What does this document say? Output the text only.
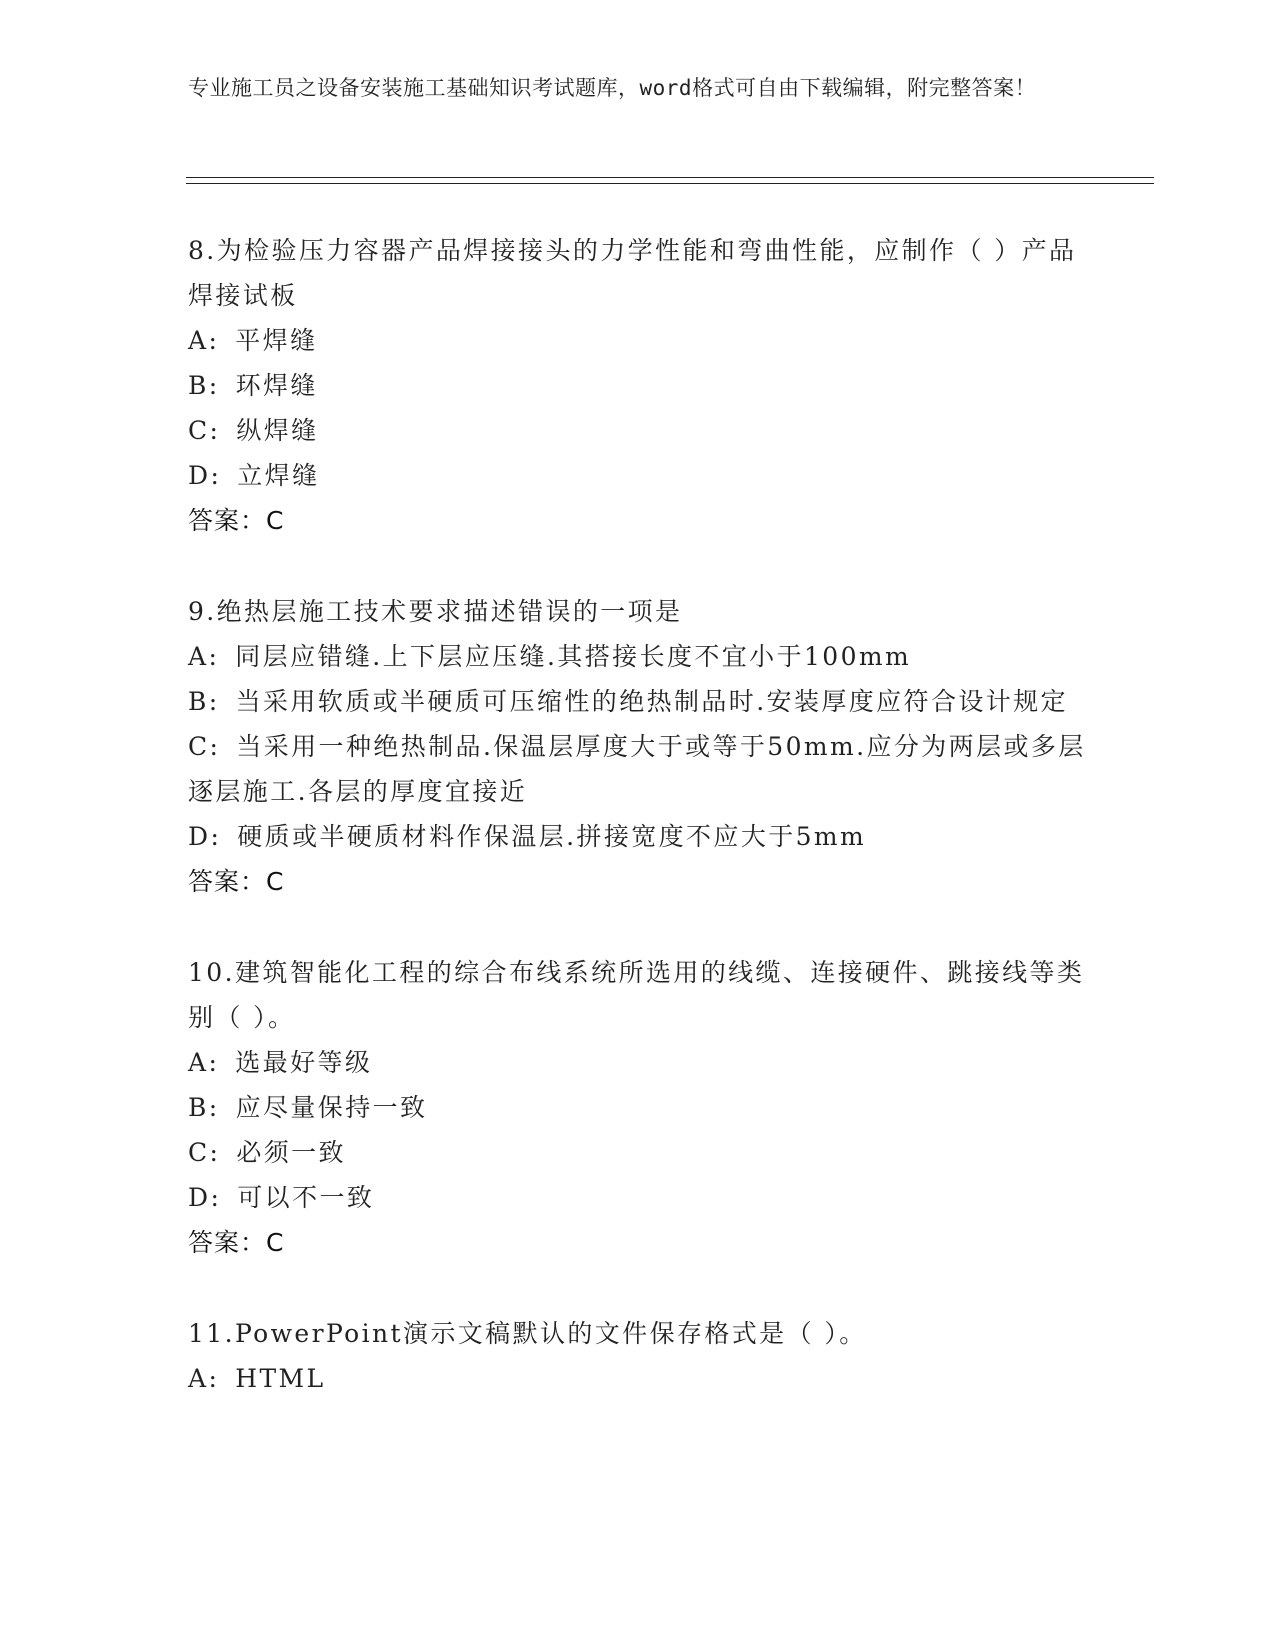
专业施工员之设备安装施工基础知识考试题库，word格式可自由下载编辑，附完整答案！

8.为检验压力容器产品焊接接头的力学性能和弯曲性能，应制作（ ）产品焊接试板
A: 平焊缝
B: 环焊缝
C: 纵焊缝
D: 立焊缝
答案：C
9.绝热层施工技术要求描述错误的一项是
A: 同层应错缝.上下层应压缝.其搭接长度不宜小于100mm
B: 当采用软质或半硬质可压缩性的绝热制品时.安装厚度应符合设计规定
C: 当采用一种绝热制品.保温层厚度大于或等于50mm.应分为两层或多层逐层施工.各层的厚度宜接近
D: 硬质或半硬质材料作保温层.拼接宽度不应大于5mm
答案：C
10.建筑智能化工程的综合布线系统所选用的线缆、连接硬件、跳接线等类别（ ）。
A: 选最好等级
B: 应尽量保持一致
C: 必须一致
D: 可以不一致
答案：C
11.PowerPoint演示文稿默认的文件保存格式是（ ）。
A: HTML
